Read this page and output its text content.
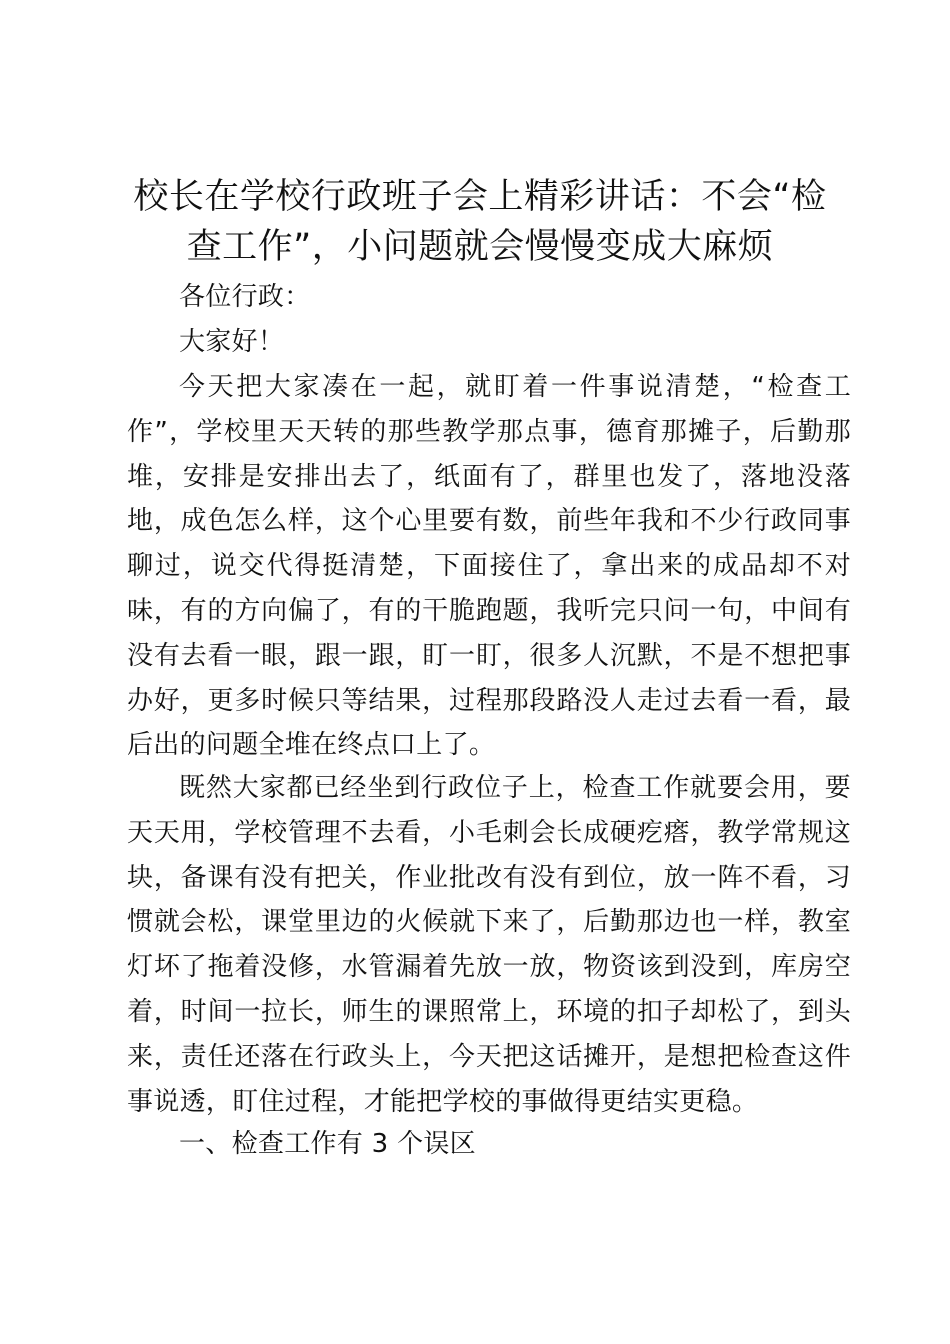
校长在学校行政班子会上精彩讲话：不会“检查工作”，小问题就会慢慢变成大麻烦

各位行政：

大家好！

今天把大家凑在一起，就盯着一件事说清楚，“检查工作”，学校里天天转的那些教学那点事，德育那摊子，后勤那堆，安排是安排出去了，纸面有了，群里也发了，落地没落地，成色怎么样，这个心里要有数，前些年我和不少行政同事聊过，说交代得挺清楚，下面接住了，拿出来的成品却不对味，有的方向偏了，有的干脆跑题，我听完只问一句，中间有没有去看一眼，跟一跟，盯一盯，很多人沉默，不是不想把事办好，更多时候只等结果，过程那段路没人走过去看一看，最后出的问题全堆在终点口上了。

既然大家都已经坐到行政位子上，检查工作就要会用，要天天用，学校管理不去看，小毛刺会长成硬疙瘩，教学常规这块，备课有没有把关，作业批改有没有到位，放一阵不看，习惯就会松，课堂里边的火候就下来了，后勤那边也一样，教室灯坏了拖着没修，水管漏着先放一放，物资该到没到，库房空着，时间一拉长，师生的课照常上，环境的扣子却松了，到头来，责任还落在行政头上，今天把这话摊开，是想把检查这件事说透，盯住过程，才能把学校的事做得更结实更稳。

一、检查工作有 3 个误区
